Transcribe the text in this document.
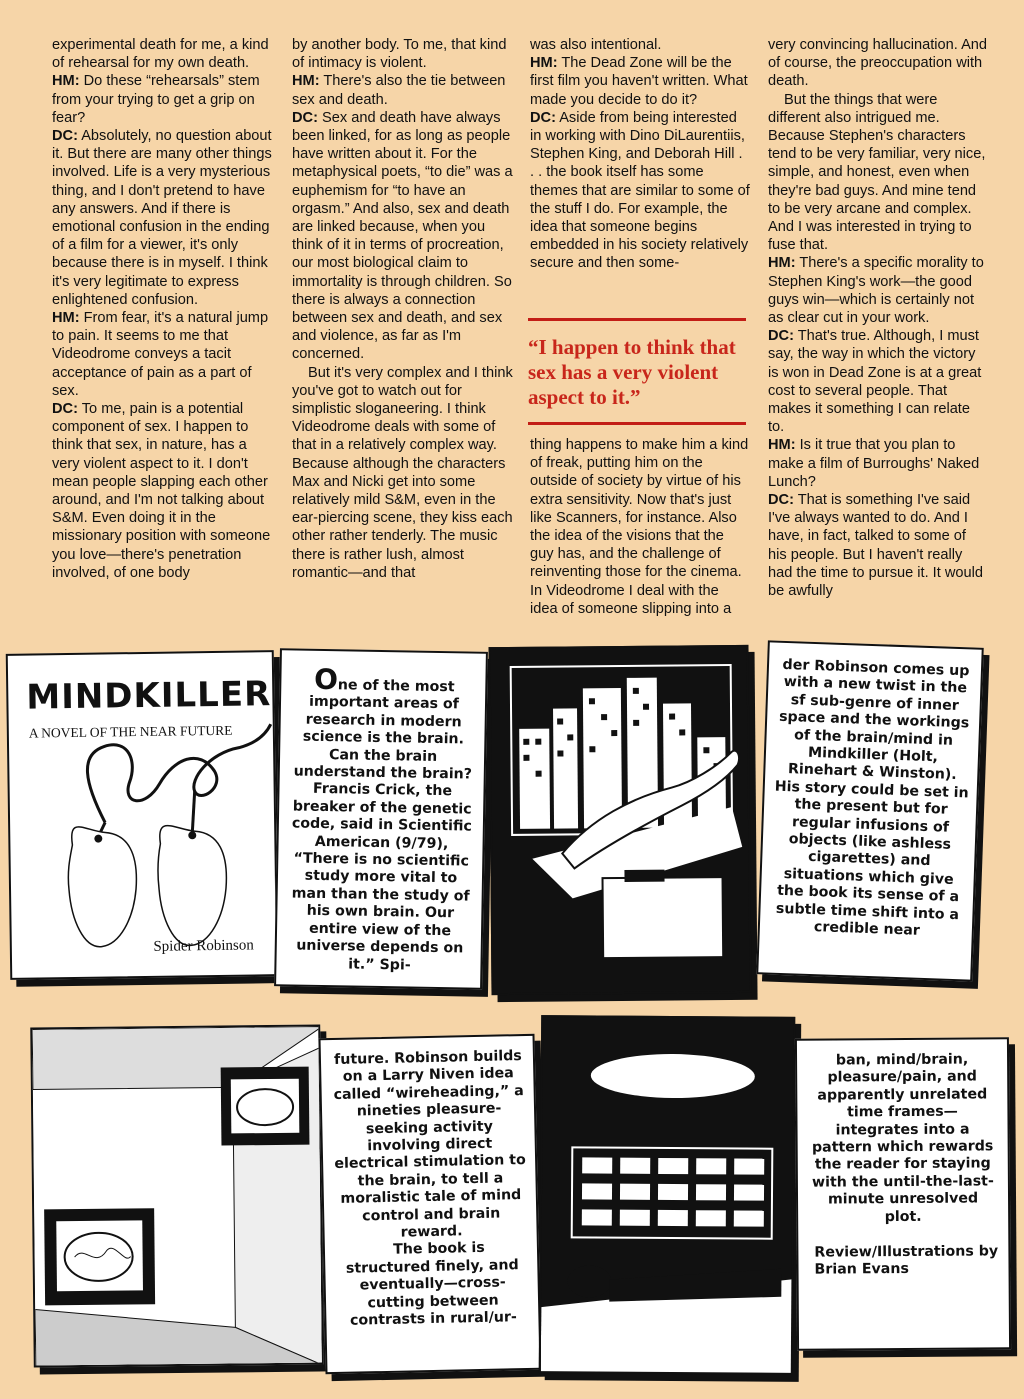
experimental death for me, a kind of rehearsal for my own death.

HM: Do these “rehearsals” stem from your trying to get a grip on fear?

DC: Absolutely, no question about it. But there are many other things involved. Life is a very mysterious thing, and I don't pretend to have any answers. And if there is emotional confusion in the ending of a film for a viewer, it's only because there is in myself. I think it's very legitimate to express enlightened confusion.

HM: From fear, it's a natural jump to pain. It seems to me that Videodrome conveys a tacit acceptance of pain as a part of sex.

DC: To me, pain is a potential component of sex. I happen to think that sex, in nature, has a very violent aspect to it. I don't mean people slapping each other around, and I'm not talking about S&M. Even doing it in the missionary position with someone you love—there's penetration involved, of one body

by another body. To me, that kind of intimacy is violent.

HM: There's also the tie between sex and death.

DC: Sex and death have always been linked, for as long as people have written about it. For the metaphysical poets, “to die” was a euphemism for “to have an orgasm.” And also, sex and death are linked because, when you think of it in terms of procreation, our most biological claim to immortality is through children. So there is always a connection between sex and death, and sex and violence, as far as I'm concerned.

But it's very complex and I think you've got to watch out for simplistic sloganeering. I think Videodrome deals with some of that in a relatively complex way. Because although the characters Max and Nicki get into some relatively mild S&M, even in the ear-piercing scene, they kiss each other rather tenderly. The music there is rather lush, almost romantic—and that

was also intentional.

HM: The Dead Zone will be the first film you haven't written. What made you decide to do it?

DC: Aside from being interested in working with Dino DiLaurentiis, Stephen King, and Deborah Hill . . . the book itself has some themes that are similar to some of the stuff I do. For example, the idea that someone begins embedded in his society relatively secure and then some-

“I happen to think that sex has a very violent aspect to it.”

thing happens to make him a kind of freak, putting him on the outside of society by virtue of his extra sensitivity. Now that's just like Scanners, for instance. Also the idea of the visions that the guy has, and the challenge of reinventing those for the cinema. In Videodrome I deal with the idea of someone slipping into a

very convincing hallucination. And of course, the preoccupation with death.

But the things that were different also intrigued me. Because Stephen's characters tend to be very familiar, very nice, simple, and honest, even when they're bad guys. And mine tend to be very arcane and complex. And I was interested in trying to fuse that.

HM: There's a specific morality to Stephen King's work—the good guys win—which is certainly not as clear cut in your work.

DC: That's true. Although, I must say, the way in which the victory is won in Dead Zone is at a great cost to several people. That makes it something I can relate to.

HM: Is it true that you plan to make a film of Burroughs' Naked Lunch?

DC: That is something I've said I've always wanted to do. And I have, in fact, talked to some of his people. But I haven't really had the time to pursue it. It would be awfully

MINDKILLER
A NOVEL OF THE NEAR FUTURE
Spider Robinson
One of the most important areas of research in modern science is the brain. Can the brain understand the brain? Francis Crick, the breaker of the genetic code, said in Scientific American (9/79), “There is no scientific study more vital to man than the study of his own brain. Our entire view of the universe depends on it.” Spi-
der Robinson comes up with a new twist in the sf sub-genre of inner space and the workings of the brain/mind in Mindkiller (Holt, Rinehart & Winston). His story could be set in the present but for regular infusions of objects (like ashless cigarettes) and situations which give the book its sense of a subtle time shift into a credible near
future. Robinson builds on a Larry Niven idea called “wireheading,” a nineties pleasure-seeking activity involving direct electrical stimulation to the brain, to tell a moralistic tale of mind control and brain reward.
The book is structured finely, and eventually—cross-cutting between contrasts in rural/ur-
ban, mind/brain, pleasure/pain, and apparently unrelated time frames—integrates into a pattern which rewards the reader for staying with the until-the-last-minute unresolved plot.
Review/Illustrations by Brian Evans
